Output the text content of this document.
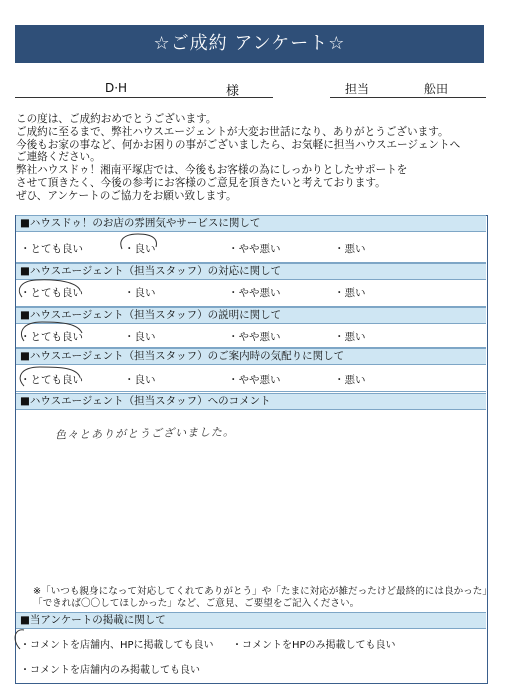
☆ご成約 アンケート☆
D·H	様	担当	舩田
この度は、ご成約おめでとうございます。
ご成約に至るまで、弊社ハウスエージェントが大変お世話になり、ありがとうございます。
今後もお家の事など、何かお困りの事がございましたら、お気軽に担当ハウスエージェントへ
ご連絡ください。
弊社ハウスドゥ！湘南平塚店では、今後もお客様の為にしっかりとしたサポートを
させて頂きたく、今後の参考にお客様のご意見を頂きたいと考えております。
ぜひ、アンケートのご協力をお願い致します。
■ハウスドゥ！のお店の雰囲気やサービスに関して
・とても良い	・良い	・やや悪い	・悪い
■ハウスエージェント（担当スタッフ）の対応に関して
・とても良い	・良い	・やや悪い	・悪い
■ハウスエージェント（担当スタッフ）の説明に関して
・とても良い	・良い	・やや悪い	・悪い
■ハウスエージェント（担当スタッフ）のご案内時の気配りに関して
・とても良い	・良い	・やや悪い	・悪い
■ハウスエージェント（担当スタッフ）へのコメント
色々とありがとうございました。
※「いつも親身になって対応してくれてありがとう」や「たまに対応が雑だったけど最終的には良かった」
「できれば〇〇してほしかった」など、ご意見、ご要望をご記入ください。
■当アンケートの掲載に関して
・コメントを店舗内、HPに掲載しても良い ・コメントをHPのみ掲載しても良い
・コメントを店舗内のみ掲載しても良い
